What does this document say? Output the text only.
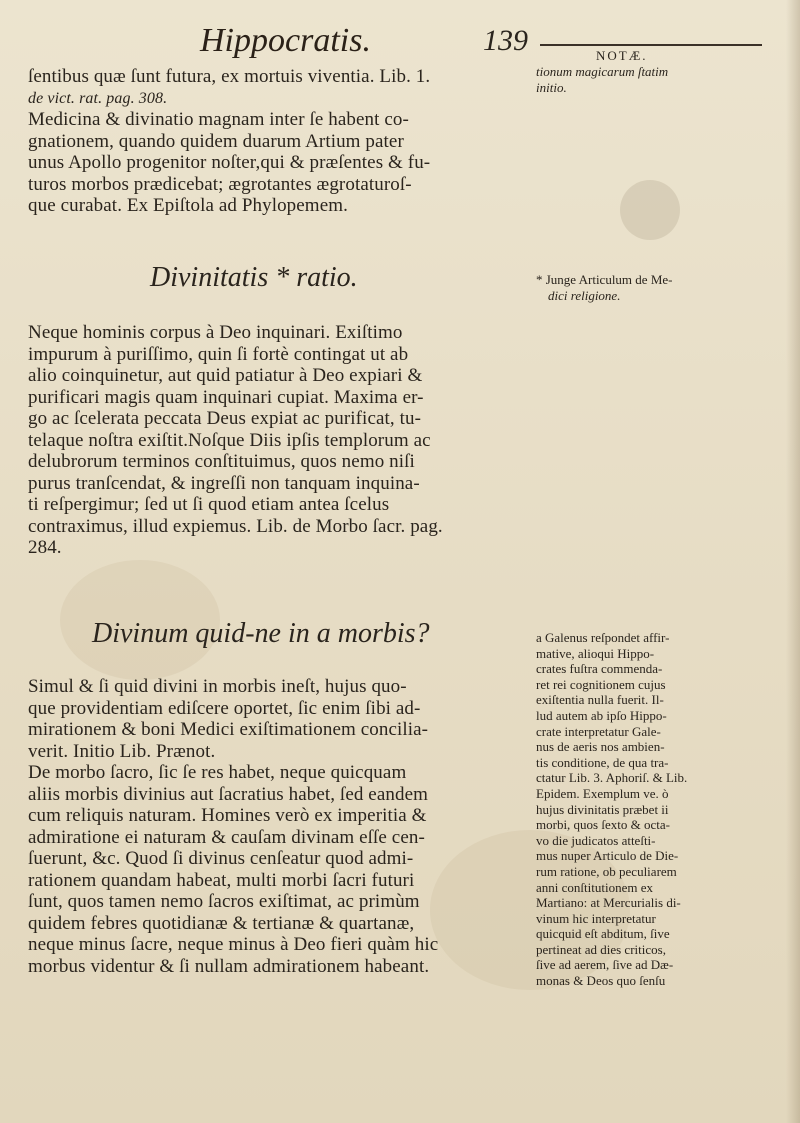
Hippocratis.	139	NOTÆ.
ſentibus quæ ſunt futura, ex mortuis viventia. Lib. 1.
de vict. rat. pag. 308.
Medicina & divinatio magnam inter ſe habent co-
gnationem, quando quidem duarum Artium pater
unus Apollo progenitor noſter,qui & præſentes & fu-
turos morbos prædicebat; ægrotantes ægrotaturoſ-
que curabat. Ex Epiſtola ad Phylopemem.
Divinitatis * ratio.
Neque hominis corpus à Deo inquinari. Exiſtimo
impurum à puriſſimo, quin ſi fortè contingat ut ab
alio coinquinetur, aut quid patiatur à Deo expiari &
purificari magis quam inquinari cupiat. Maxima er-
go ac ſcelerata peccata Deus expiat ac purificat, tu-
telaque noſtra exiſtit.Noſque Diis ipſis templorum ac
delubrorum terminos conſtituimus, quos nemo niſi
purus tranſcendat, & ingreſſi non tanquam inquina-
ti reſpergimur; ſed ut ſi quod etiam antea ſcelus
contraximus, illud expiemus. Lib. de Morbo ſacr. pag.
284.
Divinum quid-ne in a morbis?
Simul & ſi quid divini in morbis ineſt, hujus quo-
que providentiam ediſcere oportet, ſic enim ſibi ad-
mirationem & boni Medici exiſtimationem concilia-
verit. Initio Lib. Prænot.
De morbo ſacro, ſic ſe res habet, neque quicquam
aliis morbis divinius aut ſacratius habet, ſed eandem
cum reliquis naturam. Homines verò ex imperitia &
admiratione ei naturam & cauſam divinam eſſe cen-
ſuerunt, &c. Quod ſi divinus cenſeatur quod admi-
rationem quandam habeat, multi morbi ſacri futuri
ſunt, quos tamen nemo ſacros exiſtimat, ac primùm
quidem febres quotidianæ & tertianæ & quartanæ,
neque minus ſacre, neque minus à Deo fieri quàm hic
morbus videntur & ſi nullam admirationem habeant.
tionum magicarum ſtatim
initio.
* Junge Articulum de Me-
dici religione.
a Galenus reſpondet affir-
mative, alioqui Hippo-
crates fuſtra commenda-
ret rei cognitionem cujus
exiſtentia nulla fuerit. Il-
lud autem ab ipſo Hippo-
crate interpretatur Gale-
nus de aeris nos ambien-
tis conditione, de qua tra-
ctatur Lib. 3. Aphoriſ. & Lib.
Epidem. Exemplum ve. ò
hujus divinitatis præbet ii
morbi, quos ſexto & octa-
vo die judicatos atteſti-
mus nuper Articulo de Die-
rum ratione, ob peculiarem
anni conſtitutionem ex
Martiano: at Mercurialis di-
vinum hic interpretatur
quicquid eſt abditum, ſive
pertineat ad dies criticos,
ſive ad aerem, ſive ad Dæ-
monas & Deos quo ſenſu
